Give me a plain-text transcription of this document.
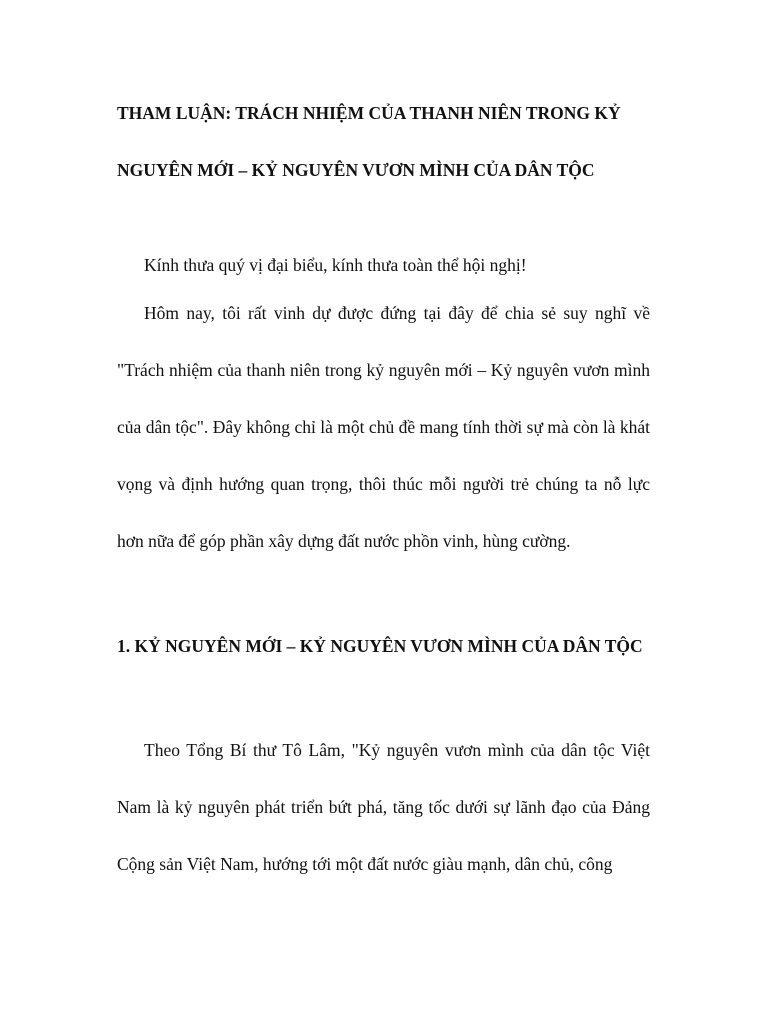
THAM LUẬN: TRÁCH NHIỆM CỦA THANH NIÊN TRONG KỶ
NGUYÊN MỚI – KỶ NGUYÊN VƯƠN MÌNH CỦA DÂN TỘC

Kính thưa quý vị đại biểu, kính thưa toàn thể hội nghị!

Hôm nay, tôi rất vinh dự được đứng tại đây để chia sẻ suy nghĩ về "Trách nhiệm của thanh niên trong kỷ nguyên mới – Kỷ nguyên vươn mình của dân tộc". Đây không chỉ là một chủ đề mang tính thời sự mà còn là khát vọng và định hướng quan trọng, thôi thúc mỗi người trẻ chúng ta nỗ lực hơn nữa để góp phần xây dựng đất nước phồn vinh, hùng cường.

1. KỶ NGUYÊN MỚI – KỶ NGUYÊN VƯƠN MÌNH CỦA DÂN TỘC

Theo Tổng Bí thư Tô Lâm, "Kỷ nguyên vươn mình của dân tộc Việt Nam là kỷ nguyên phát triển bứt phá, tăng tốc dưới sự lãnh đạo của Đảng Cộng sản Việt Nam, hướng tới một đất nước giàu mạnh, dân chủ, công
